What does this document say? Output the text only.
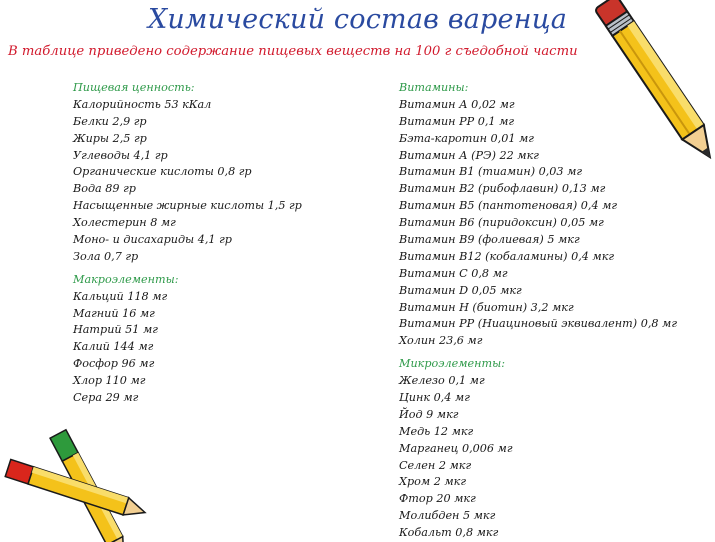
Химический состав варенца
В таблице приведено содержание пищевых веществ на 100 г съедобной части
Пищевая ценность:
Калорийность 53 кКал
Белки 2,9 гр
Жиры 2,5 гр
Углеводы 4,1 гр
Органические кислоты 0,8 гр
Вода 89 гр
Насыщенные жирные кислоты 1,5 гр
Холестерин 8 мг
Моно- и дисахариды 4,1 гр
Зола 0,7 гр
Макроэлементы:
Кальций 118 мг
Магний 16 мг
Натрий 51 мг
Калий 144 мг
Фосфор 96 мг
Хлор 110 мг
Сера 29 мг
Витамины:
Витамин А 0,02 мг
Витамин РР 0,1 мг
Бэта-каротин 0,01 мг
Витамин А (РЭ) 22 мкг
Витамин В1 (тиамин) 0,03 мг
Витамин В2 (рибофлавин) 0,13 мг
Витамин В5 (пантотеновая) 0,4 мг
Витамин В6 (пиридоксин) 0,05 мг
Витамин В9 (фолиевая) 5 мкг
Витамин В12 (кобаламины) 0,4 мкг
Витамин С 0,8 мг
Витамин D 0,05 мкг
Витамин Н (биотин) 3,2 мкг
Витамин РР (Ниациновый эквивалент) 0,8 мг
Холин 23,6 мг
Микроэлементы:
Железо 0,1 мг
Цинк 0,4 мг
Йод 9 мкг
Медь 12 мкг
Марганец 0,006 мг
Селен 2 мкг
Хром 2 мкг
Фтор 20 мкг
Молибден 5 мкг
Кобальт 0,8 мкг
